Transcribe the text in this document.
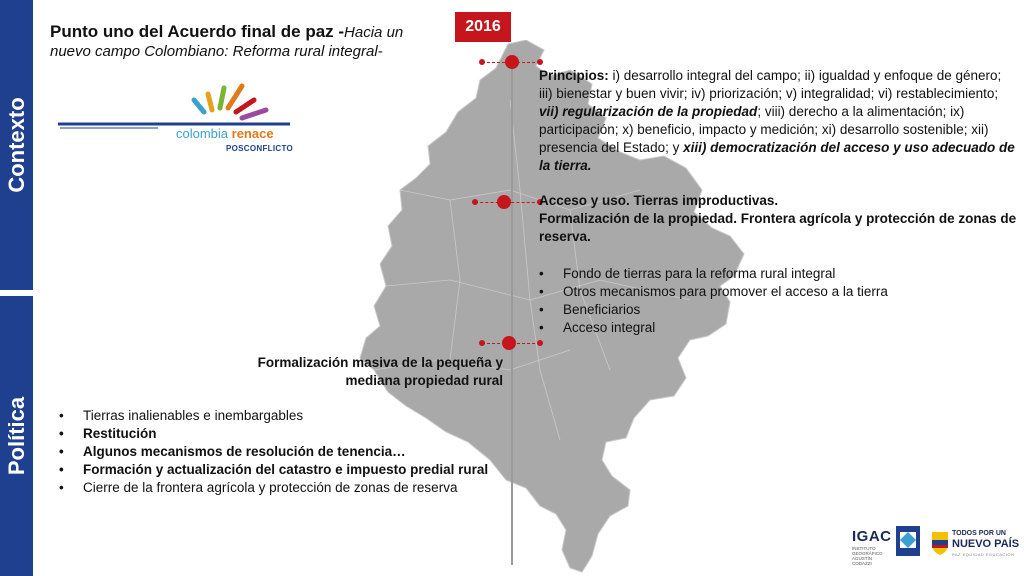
Contexto
Política
2016
Punto uno del Acuerdo final de paz -Hacia un nuevo campo Colombiano: Reforma rural integral-
colombia renace
POSCONFLICTO
Principios: i) desarrollo integral del campo; ii) igualdad y enfoque de género; iii) bienestar y buen vivir; iv) priorización; v) integralidad; vi) restablecimiento; vii) regularización de la propiedad; viii) derecho a la alimentación; ix) participación; x) beneficio, impacto y medición; xi) desarrollo sostenible; xii) presencia del Estado; y xiii) democratización del acceso y uso adecuado de la tierra.
Acceso y uso. Tierras improductivas.
Formalización de la propiedad. Frontera agrícola y protección de zonas de reserva.
• Fondo de tierras para la reforma rural integral
• Otros mecanismos para promover el acceso a la tierra
• Beneficiarios
• Acceso integral
Formalización masiva de la pequeña y mediana propiedad rural
• Tierras inalienables e inembargables
• Restitución
• Algunos mecanismos de resolución de tenencia…
• Formación y actualización del catastro e impuesto predial rural
• Cierre de la frontera agrícola y protección de zonas de reserva
IGAC
INSTITUTO GEOGRÁFICO AGUSTÍN CODAZZI
TODOS POR UN
NUEVO PAÍS
PAZ EQUIDAD EDUCACIÓN
